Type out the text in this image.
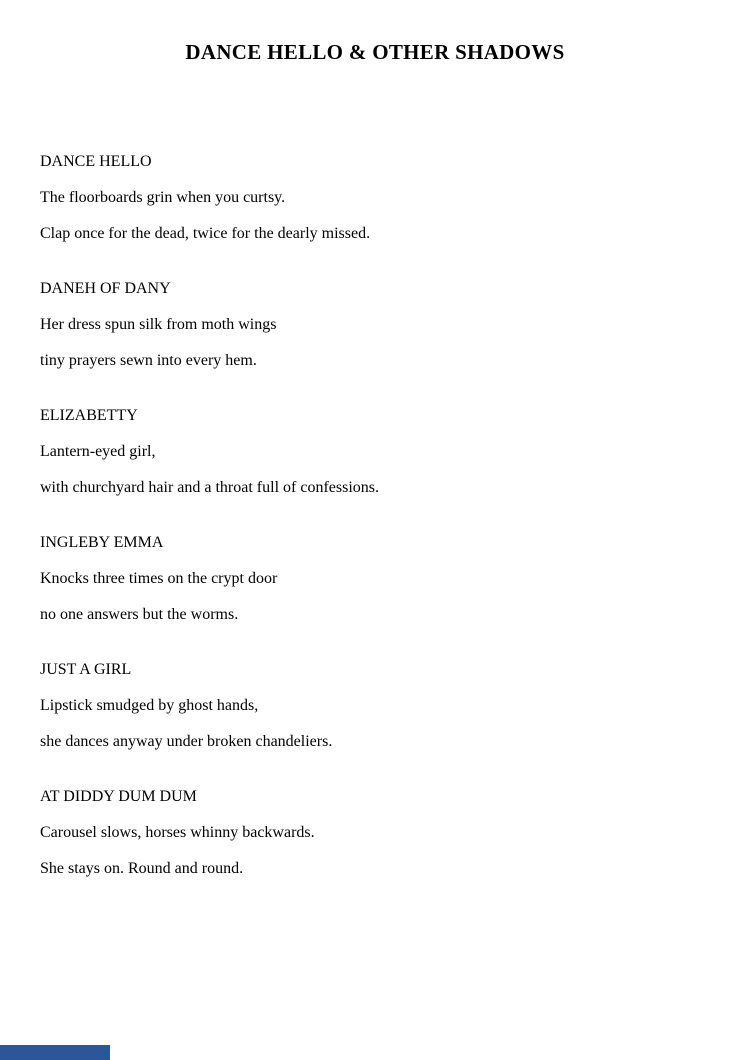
DANCE HELLO & OTHER SHADOWS
DANCE HELLO

The floorboards grin when you curtsy.

Clap once for the dead, twice for the dearly missed.

DANEH OF DANY

Her dress spun silk from moth wings

tiny prayers sewn into every hem.

ELIZABETTY

Lantern-eyed girl,

with churchyard hair and a throat full of confessions.

INGLEBY EMMA

Knocks three times on the crypt door

no one answers but the worms.

JUST A GIRL

Lipstick smudged by ghost hands,

she dances anyway under broken chandeliers.

AT DIDDY DUM DUM

Carousel slows, horses whinny backwards.

She stays on. Round and round.
